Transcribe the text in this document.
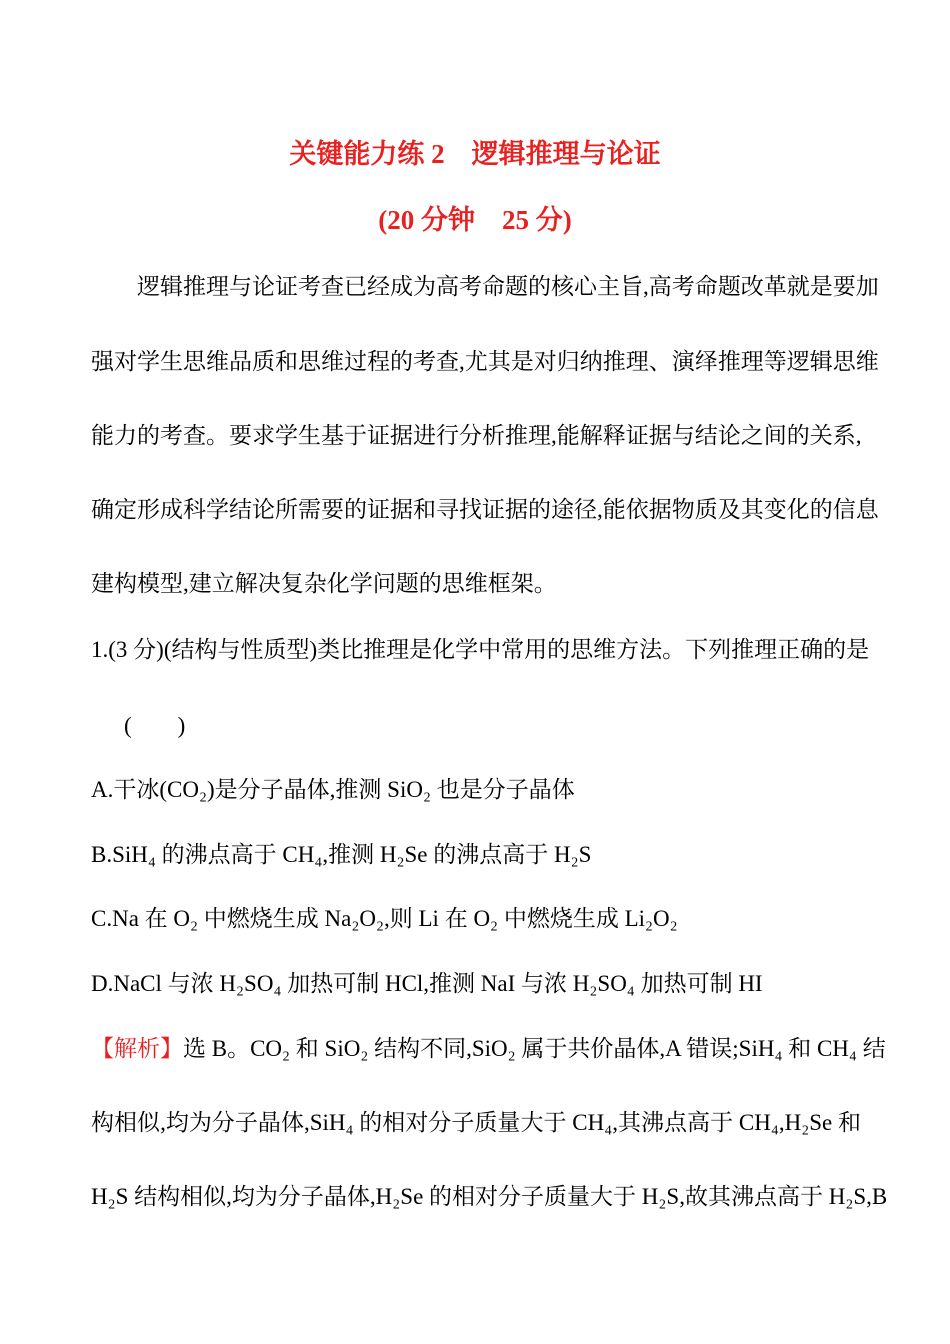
关键能力练 2　逻辑推理与论证
(20 分钟　25 分)
逻辑推理与论证考查已经成为高考命题的核心主旨,高考命题改革就是要加
强对学生思维品质和思维过程的考查,尤其是对归纳推理、演绎推理等逻辑思维
能力的考查。要求学生基于证据进行分析推理,能解释证据与结论之间的关系,
确定形成科学结论所需要的证据和寻找证据的途径,能依据物质及其变化的信息
建构模型,建立解决复杂化学问题的思维框架。
1.(3 分)(结构与性质型)类比推理是化学中常用的思维方法。下列推理正确的是
(　　)
A.干冰(CO₂)是分子晶体,推测 SiO₂ 也是分子晶体
B.SiH₄ 的沸点高于 CH₄,推测 H₂Se 的沸点高于 H₂S
C.Na 在 O₂ 中燃烧生成 Na₂O₂,则 Li 在 O₂ 中燃烧生成 Li₂O₂
D.NaCl 与浓 H₂SO₄ 加热可制 HCl,推测 NaI 与浓 H₂SO₄ 加热可制 HI
【解析】选 B。CO₂ 和 SiO₂ 结构不同,SiO₂ 属于共价晶体,A 错误;SiH₄ 和 CH₄ 结
构相似,均为分子晶体,SiH₄ 的相对分子质量大于 CH₄,其沸点高于 CH₄,H₂Se 和
H₂S 结构相似,均为分子晶体,H₂Se 的相对分子质量大于 H₂S,故其沸点高于 H₂S,B
